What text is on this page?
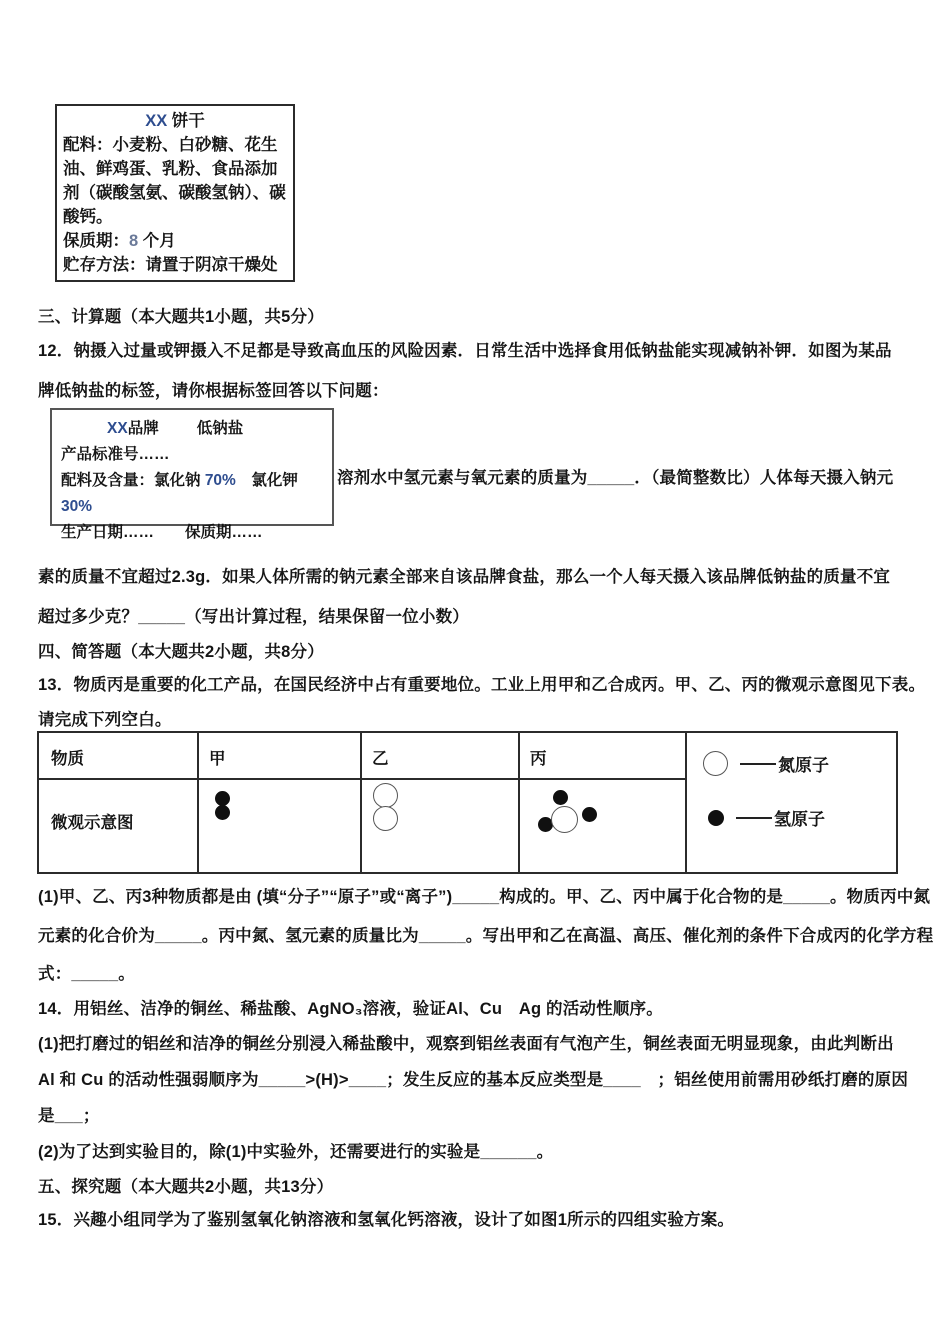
XX 饼干
配料：小麦粉、白砂糖、花生油、鲜鸡蛋、乳粉、食品添加剂（碳酸氢氨、碳酸氢钠）、碳酸钙。
保质期：8 个月
贮存方法：请置于阴凉干燥处
三、计算题（本大题共1小题，共5分）
12．钠摄入过量或钾摄入不足都是导致高血压的风险因素．日常生活中选择食用低钠盐能实现减钠补钾．如图为某品
牌低钠盐的标签，请你根据标签回答以下问题：
XX品牌 低钠盐
产品标准号……
配料及含量：氯化钠 70%　氯化钾　30%
生产日期……　　保质期……
溶剂水中氢元素与氧元素的质量为_____．（最简整数比）人体每天摄入钠元
素的质量不宜超过2.3g．如果人体所需的钠元素全部来自该品牌食盐，那么一个人每天摄入该品牌低钠盐的质量不宜
超过多少克？_____（写出计算过程，结果保留一位小数）
四、简答题（本大题共2小题，共8分）
13．物质丙是重要的化工产品，在国民经济中占有重要地位。工业上用甲和乙合成丙。甲、乙、丙的微观示意图见下表。
请完成下列空白。
物质	甲	乙	丙
微观示意图
氮原子
氢原子
(1)甲、乙、丙3种物质都是由 (填“分子”“原子”或“离子”)_____构成的。甲、乙、丙中属于化合物的是_____。物质丙中氮
元素的化合价为_____。丙中氮、氢元素的质量比为_____。写出甲和乙在高温、高压、催化剂的条件下合成丙的化学方程
式：_____。
14．用铝丝、洁净的铜丝、稀盐酸、AgNO₃溶液，验证Al、Cu　Ag 的活动性顺序。
(1)把打磨过的铝丝和洁净的铜丝分别浸入稀盐酸中，观察到铝丝表面有气泡产生，铜丝表面无明显现象，由此判断出
Al 和 Cu 的活动性强弱顺序为_____>(H)>____；发生反应的基本反应类型是____　；铝丝使用前需用砂纸打磨的原因
是___；
(2)为了达到实验目的，除(1)中实验外，还需要进行的实验是______。
五、探究题（本大题共2小题，共13分）
15．兴趣小组同学为了鉴别氢氧化钠溶液和氢氧化钙溶液，设计了如图1所示的四组实验方案。
